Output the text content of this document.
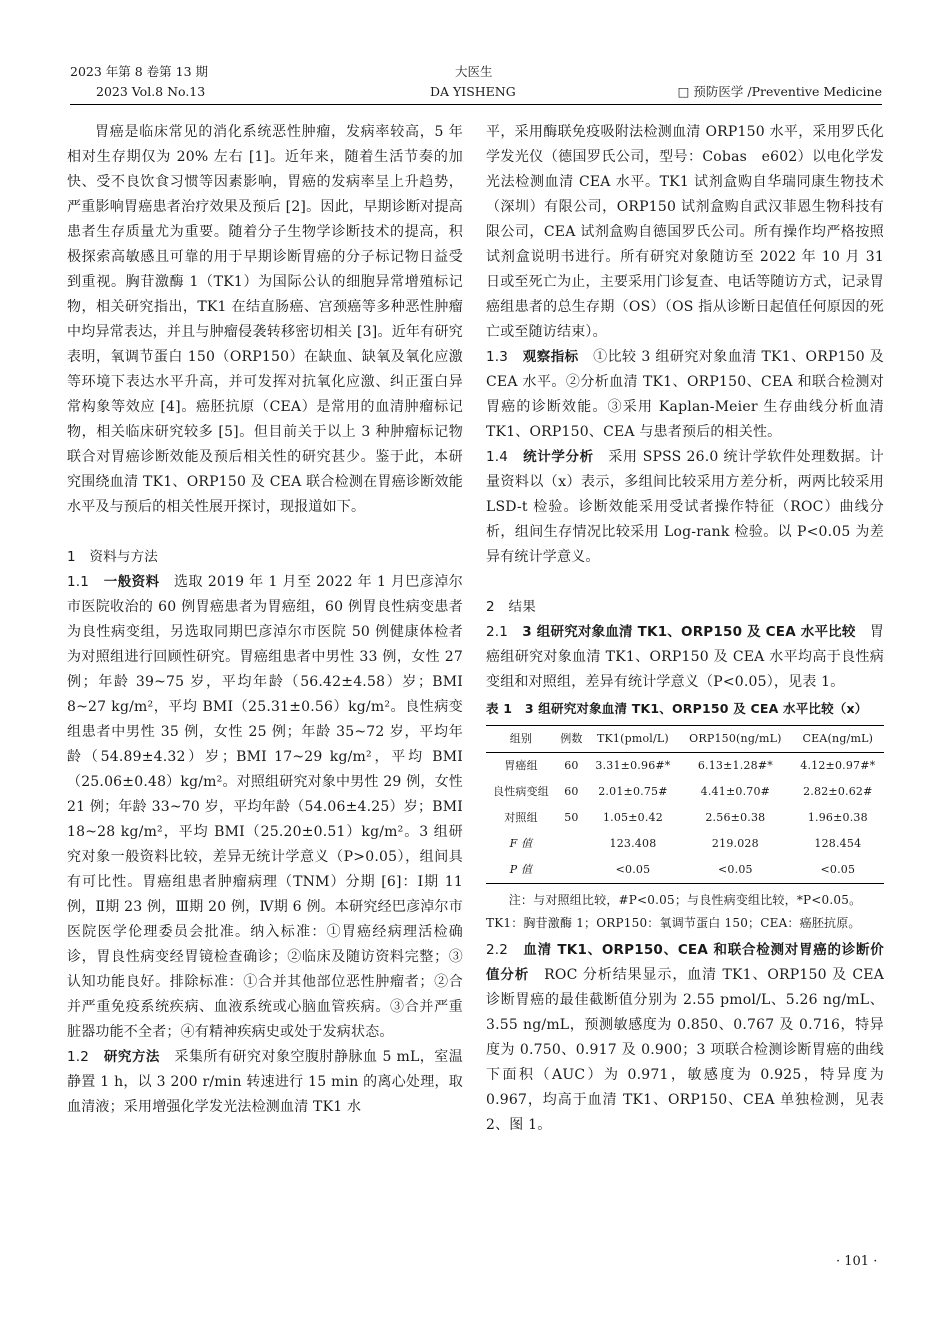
2023 年第 8 卷第 13 期
2023 Vol.8 No.13
大医生
DA YISHENG	□ 预防医学 /Preventive Medicine

胃癌是临床常见的消化系统恶性肿瘤，发病率较高，5 年相对生存期仅为 20% 左右 [1]。近年来，随着生活节奏的加快、受不良饮食习惯等因素影响，胃癌的发病率呈上升趋势，严重影响胃癌患者治疗效果及预后 [2]。因此，早期诊断对提高患者生存质量尤为重要。随着分子生物学诊断技术的提高，积极探索高敏感且可靠的用于早期诊断胃癌的分子标记物日益受到重视。胸苷激酶 1（TK1）为国际公认的细胞异常增殖标记物，相关研究指出，TK1 在结直肠癌、宫颈癌等多种恶性肿瘤中均异常表达，并且与肿瘤侵袭转移密切相关 [3]。近年有研究表明，氧调节蛋白 150（ORP150）在缺血、缺氧及氧化应激等环境下表达水平升高，并可发挥对抗氧化应激、纠正蛋白异常构象等效应 [4]。癌胚抗原（CEA）是常用的血清肿瘤标记物，相关临床研究较多 [5]。但目前关于以上 3 种肿瘤标记物联合对胃癌诊断效能及预后相关性的研究甚少。鉴于此，本研究围绕血清 TK1、ORP150 及 CEA 联合检测在胃癌诊断效能水平及与预后的相关性展开探讨，现报道如下。

1　资料与方法

1.1　 一般资料　 选取 2019 年 1 月至 2022 年 1 月巴彦淖尔市医院收治的 60 例胃癌患者为胃癌组，60 例胃良性病变患者为良性病变组，另选取同期巴彦淖尔市医院 50 例健康体检者为对照组进行回顾性研究。胃癌组患者中男性 33 例，女性 27 例；年龄 39~75 岁，平均年龄（56.42±4.58）岁；BMI 8~27 kg/m²，平均 BMI（25.31±0.56）kg/m²。良性病变组患者中男性 35 例，女性 25 例；年龄 35~72 岁，平均年龄（54.89±4.32）岁；BMI 17~29 kg/m²，平均 BMI（25.06±0.48）kg/m²。对照组研究对象中男性 29 例，女性 21 例；年龄 33~70 岁，平均年龄（54.06±4.25）岁；BMI 18~28 kg/m²，平均 BMI（25.20±0.51）kg/m²。3 组研究对象一般资料比较，差异无统计学意义（P>0.05），组间具有可比性。胃癌组患者肿瘤病理（TNM）分期 [6]：Ⅰ期 11 例，Ⅱ期 23 例，Ⅲ期 20 例，Ⅳ期 6 例。本研究经巴彦淖尔市医院医学伦理委员会批准。纳入标准：①胃癌经病理活检确诊，胃良性病变经胃镜检查确诊；②临床及随访资料完整；③认知功能良好。排除标准：①合并其他部位恶性肿瘤者；②合并严重免疫系统疾病、血液系统或心脑血管疾病。③合并严重脏器功能不全者；④有精神疾病史或处于发病状态。

1.2　 研究方法　 采集所有研究对象空腹肘静脉血 5 mL，室温静置 1 h，以 3 200 r/min 转速进行 15 min 的离心处理，取血清液；采用增强化学发光法检测血清 TK1 水

平，采用酶联免疫吸附法检测血清 ORP150 水平，采用罗氏化学发光仪（德国罗氏公司，型号：Cobas　e602）以电化学发光法检测血清 CEA 水平。TK1 试剂盒购自华瑞同康生物技术（深圳）有限公司，ORP150 试剂盒购自武汉菲恩生物科技有限公司，CEA 试剂盒购自德国罗氏公司。所有操作均严格按照试剂盒说明书进行。所有研究对象随访至 2022 年 10 月 31 日或至死亡为止，主要采用门诊复查、电话等随访方式，记录胃癌组患者的总生存期（OS）（OS 指从诊断日起值任何原因的死亡或至随访结束）。

1.3　 观察指标　 ①比较 3 组研究对象血清 TK1、ORP150 及 CEA 水平。②分析血清 TK1、ORP150、CEA 和联合检测对胃癌的诊断效能。③采用 Kaplan-Meier 生存曲线分析血清 TK1、ORP150、CEA 与患者预后的相关性。

1.4　 统计学分析　 采用 SPSS 26.0 统计学软件处理数据。计量资料以（x）表示，多组间比较采用方差分析，两两比较采用 LSD-t 检验。诊断效能采用受试者操作特征（ROC）曲线分析，组间生存情况比较采用 Log-rank 检验。以 P<0.05 为差异有统计学意义。

2　结果

2.1　 3 组研究对象血清 TK1、ORP150 及 CEA 水平比较　 胃癌组研究对象血清 TK1、ORP150 及 CEA 水平均高于良性病变组和对照组，差异有统计学意义（P<0.05），见表 1。

表 1　3 组研究对象血清 TK1、ORP150 及 CEA 水平比较（x）
组别	例数	TK1(pmol/L)	ORP150(ng/mL)	CEA(ng/mL)
胃癌组	60	3.31±0.96#*	6.13±1.28#*	4.12±0.97#*
良性病变组	60	2.01±0.75#	4.41±0.70#	2.82±0.62#
对照组	50	1.05±0.42	2.56±0.38	1.96±0.38
F 值		123.408	219.028	128.454
P 值		<0.05	<0.05	<0.05

注：与对照组比较，#P<0.05；与良性病变组比较，*P<0.05。

TK1：胸苷激酶 1；ORP150：氧调节蛋白 150；CEA：癌胚抗原。

2.2　 血清 TK1、ORP150、CEA 和联合检测对胃癌的诊断价值分析　 ROC 分析结果显示，血清 TK1、ORP150 及 CEA 诊断胃癌的最佳截断值分别为 2.55 pmol/L、5.26 ng/mL、3.55 ng/mL，预测敏感度为 0.850、0.767 及 0.716，特异度为 0.750、0.917 及 0.900；3 项联合检测诊断胃癌的曲线下面积（AUC）为 0.971，敏感度为 0.925，特异度为 0.967，均高于血清 TK1、ORP150、CEA 单独检测，见表 2、图 1。

· 101 ·
